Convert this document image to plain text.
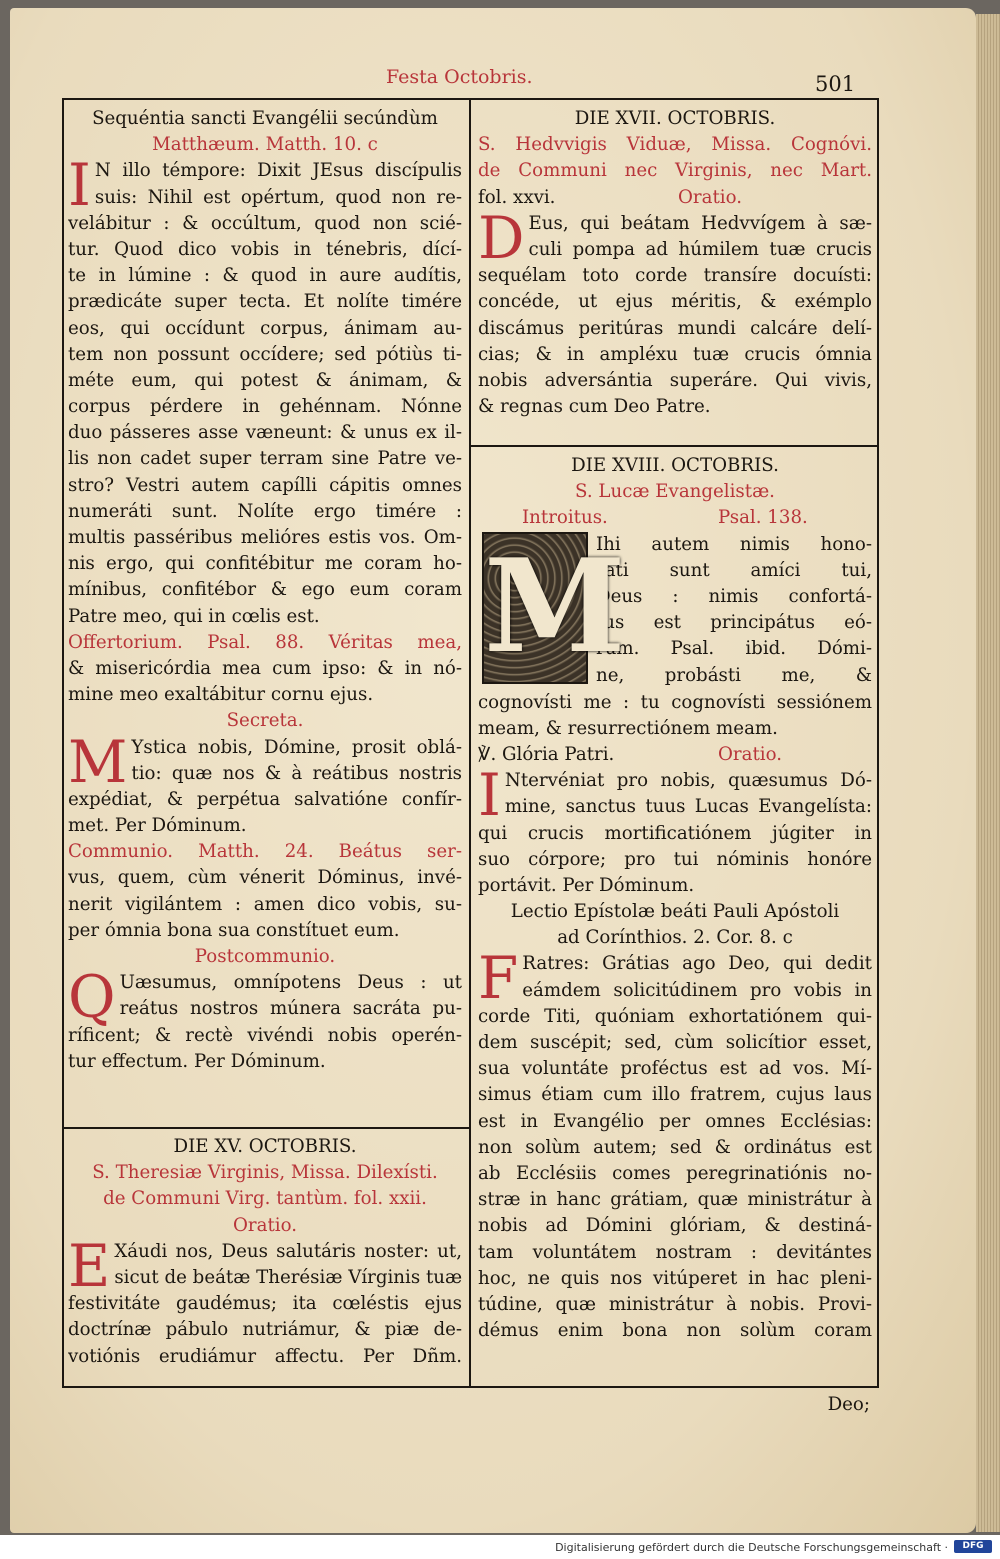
Festa Octobris.	501
Sequéntia sancti Evangélii secúndùm
Matthæum. Matth. 10. c
I N illo témpore: Dixit JEsus discípulis
suis: Nihil est opértum, quod non re-
velábitur : & occúltum, quod non scié-
tur. Quod dico vobis in ténebris, dící-
te in lúmine : & quod in aure audítis,
prædicáte super tecta. Et nolíte timére
eos, qui occídunt corpus, ánimam au-
tem non possunt occídere; sed pótiùs ti-
méte eum, qui potest & ánimam, &
corpus pérdere in gehénnam. Nónne
duo pásseres asse væneunt: & unus ex il-
lis non cadet super terram sine Patre ve-
stro? Vestri autem capílli cápitis omnes
numeráti sunt. Nolíte ergo timére :
multis passéribus melióres estis vos. Om-
nis ergo, qui confitébitur me coram ho-
mínibus, confitébor & ego eum coram
Patre meo, qui in cœlis est.
Offertorium. Psal. 88. Véritas mea,
& misericórdia mea cum ipso: & in nó-
mine meo exaltábitur cornu ejus.
Secreta.
M Ystica nobis, Dómine, prosit oblá-
tio: quæ nos & à reátibus nostris
expédiat, & perpétua salvatióne confír-
met. Per Dóminum.
Communio. Matth. 24. Beátus ser-
vus, quem, cùm vénerit Dóminus, invé-
nerit vigilántem : amen dico vobis, su-
per ómnia bona sua constítuet eum.
Postcommunio.
Q Uæsumus, omnípotens Deus : ut
reátus nostros múnera sacráta pu-
ríficent; & rectè vivéndi nobis operén-
tur effectum. Per Dóminum.
DIE XV. OCTOBRIS.
S. Theresiæ Virginis, Missa. Dilexísti.
de Communi Virg. tantùm. fol. xxii.
Oratio.
E Xáudi nos, Deus salutáris noster: ut,
sicut de beátæ Therésiæ Vírginis tuæ
festivitáte gaudémus; ita cœléstis ejus
doctrínæ pábulo nutriámur, & piæ de-
votiónis erudiámur affectu. Per Dñm.
DIE XVII. OCTOBRIS.
S. Hedvvigis Viduæ, Missa. Cognóvi.
de Communi nec Virginis, nec Mart.
fol. xxvi.	Oratio.
D Eus, qui beátam Hedvvígem à sæ-
culi pompa ad húmilem tuæ crucis
sequélam toto corde transíre docuísti:
concéde, ut ejus méritis, & exémplo
discámus peritúras mundi calcáre delí-
cias; & in ampléxu tuæ crucis ómnia
nobis adversántia superáre. Qui vivis,
& regnas cum Deo Patre.
DIE XVIII. OCTOBRIS.
S. Lucæ Evangelistæ.
Introitus.	Psal. 138.
M
Ihi autem nimis hono-
ráti sunt amíci tui,
Deus : nimis confortá-
tus est principátus eó-
rum. Psal. ibid. Dómi-
ne, probásti me, &
cognovísti me : tu cognovísti sessiónem
meam, & resurrectiónem meam.
℣. Glória Patri.	Oratio.
I Ntervéniat pro nobis, quæsumus Dó-
mine, sanctus tuus Lucas Evangelísta:
qui crucis mortificatiónem júgiter in
suo córpore; pro tui nóminis honóre
portávit. Per Dóminum.
Lectio Epístolæ beáti Pauli Apóstoli
ad Corínthios. 2. Cor. 8. c
F Ratres: Grátias ago Deo, qui dedit
eámdem solicitúdinem pro vobis in
corde Titi, quóniam exhortatiónem qui-
dem suscépit; sed, cùm solicítior esset,
sua voluntáte proféctus est ad vos. Mí-
simus étiam cum illo fratrem, cujus laus
est in Evangélio per omnes Ecclésias:
non solùm autem; sed & ordinátus est
ab Ecclésiis comes peregrinatiónis no-
stræ in hanc grátiam, quæ ministrátur à
nobis ad Dómini glóriam, & destiná-
tam voluntátem nostram : devitántes
hoc, ne quis nos vitúperet in hac pleni-
túdine, quæ ministrátur à nobis. Provi-
démus enim bona non solùm coram
Deo;
Digitalisierung gefördert durch die Deutsche Forschungsgemeinschaft ·	DFG
